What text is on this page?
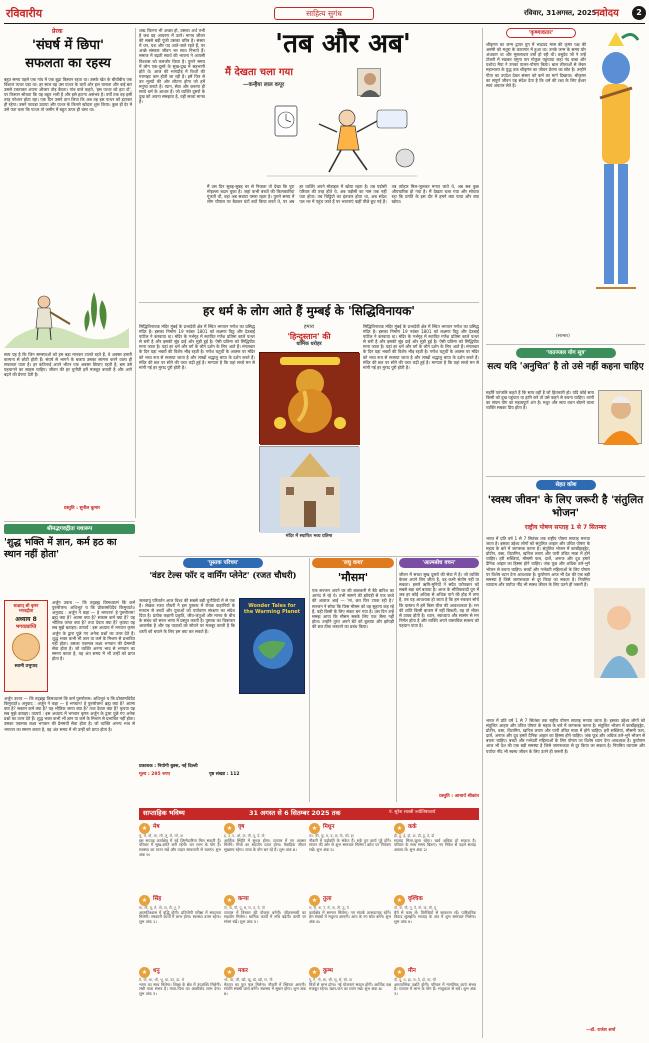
रविवारीय	साहित्य सुगंध	रविवार, 31अगस्त, 2025 .
नवोदय	2
प्रेरक
'संघर्ष में छिपा'
सफलता का रहस्य
बहुत समय पहले एक गांव में एक बूढ़ा किसान रहता था। उसके खेत के बीचोंबीच एक विशाल पत्थर पड़ा था। हर साल वह उस पत्थर के चारों ओर हल चलाता और कई बार उससे टकराकर अपना औजार तोड़ बैठता। गांव वाले कहते, 'इस पत्थर को हटा दो', पर किसान सोचता कि यह बहुत भारी है और इसे हटाना असंभव है। वर्षों तक वह इसी तरह परेशान होता रहा। एक दिन उसने ठान लिया कि अब वह इस पत्थर को हटाकर ही रहेगा। उसने फावड़ा उठाया और पत्थर के किनारे खोदना शुरू किया। कुछ ही देर में उसे पता चला कि पत्थर तो जमीन में बहुत ऊपर ही धंसा था।
सत्य यह है कि जिन समस्याओं को हम बड़ा मानकर टालते रहते हैं, वे अक्सर हमारी कल्पना से छोटी होती हैं। संघर्ष से भागने के बजाय उसका सामना करने वाला ही सफलता पाता है। हर कठिनाई अपने भीतर एक अवसर छिपाए रहती है, बस उसे पहचानने का साहस चाहिए। जीवन की हर चुनौती हमें मजबूत बनाती है और आगे बढ़ने की प्रेरणा देती है।
प्रस्तुति : सुनील कुमार
शब्द जितना भी अच्छा हो, उसका अर्थ तभी है जब वह आचरण में उतरे। मानव जीवन की सबसे बड़ी पूंजी उसका चरित्र है। संसार में धन, यश और पद आते-जाते रहते हैं, पर अच्छे संस्कार जीवन भर साथ निभाते हैं। समाज में बढ़ती स्वार्थ की भावना ने आपसी विश्वास को कमजोर किया है। पुराने समय में लोग एक-दूसरे के सुख-दुख में सहभागी होते थे। आज की भागदौड़ में रिश्तों की गरमाहट कम होती जा रही है। हमें फिर से उन मूल्यों की ओर लौटना होगा जो हमें मनुष्य बनाते हैं। त्याग, सेवा और करुणा ही सच्चे धर्म के आधार हैं। जो व्यक्ति दूसरों के दुख को अपना समझता है, वही सच्चा मानव है।
'तब और अब'
मैं देखता चला गया
—कन्हैया लाल कपूर
मैं उस दिन सुबह-सुबह घर से निकला तो देखा कि पूरा मोहल्ला बदल चुका है। जहां कभी बच्चों की किलकारियां गूंजती थीं, वहां अब सन्नाटा पसरा रहता है। पुराने समय में लोग चौपाल पर बैठकर घंटों बातें किया करते थे, पर अब हर व्यक्ति अपने मोबाइल में खोया रहता है। तब पड़ोसी परिवार की तरह होते थे, अब पड़ोसी का नाम तक नहीं पता होता। तब चिट्ठियों का इंतजार होता था, अब संदेश पल भर में पहुंच जाते हैं पर भावनाएं कहीं पीछे छूट गई हैं। तब त्योहार मिल-जुलकर मनाए जाते थे, अब सब कुछ औपचारिक हो गया है। मैं देखता चला गया और सोचता रहा कि प्रगति के इस दौर में हमने क्या पाया और क्या खोया।
हर धर्म के लोग आते हैं मुम्बई के 'सिद्धिविनायक'
हमारा
'हिन्दुस्तान' की
धार्मिक धरोहर
सिद्धिविनायक मंदिर मुंबई के प्रभादेवी क्षेत्र में स्थित भगवान गणेश का प्रसिद्ध मंदिर है। इसका निर्माण 19 नवंबर 1801 को लक्ष्मण विठु और देउबाई पाटिल ने करवाया था। मंदिर के गर्भगृह में स्थापित गणेश प्रतिमा काले पत्थर से बनी है और इसकी सूंड दाईं ओर मुड़ी हुई है। ऐसी प्रतिमा को सिद्धिपीठ माना जाता है। यहां हर धर्म और वर्ग के लोग दर्शन के लिए आते हैं। मंगलवार के दिन यहां भक्तों की विशेष भीड़ रहती है। गणेश चतुर्थी के अवसर पर मंदिर को भव्य रूप से सजाया जाता है और लाखों श्रद्धालु बप्पा के दर्शन करते हैं। मंदिर की छत पर सोने की परत चढ़ी हुई है। मान्यता है कि यहां सच्चे मन से मांगी गई हर मुराद पूरी होती है।
मंदिर में स्थापित भव्य प्रतिमा
सिद्धिविनायक मंदिर मुंबई के प्रभादेवी क्षेत्र में स्थित भगवान गणेश का प्रसिद्ध मंदिर है। इसका निर्माण 19 नवंबर 1801 को लक्ष्मण विठु और देउबाई पाटिल ने करवाया था। मंदिर के गर्भगृह में स्थापित गणेश प्रतिमा काले पत्थर से बनी है और इसकी सूंड दाईं ओर मुड़ी हुई है। ऐसी प्रतिमा को सिद्धिपीठ माना जाता है। यहां हर धर्म और वर्ग के लोग दर्शन के लिए आते हैं। मंगलवार के दिन यहां भक्तों की विशेष भीड़ रहती है। गणेश चतुर्थी के अवसर पर मंदिर को भव्य रूप से सजाया जाता है और लाखों श्रद्धालु बप्पा के दर्शन करते हैं। मंदिर की छत पर सोने की परत चढ़ी हुई है। मान्यता है कि यहां सच्चे मन से मांगी गई हर मुराद पूरी होती है।
श्रीमद्भगवद्गीता यथारूप
'शुद्ध भक्ति में ज्ञान, कर्म हठ का स्थान नहीं होता'
साक्षात् श्री कृष्ण भगवद्गीता
अध्याय 8
भगवत्प्राप्ति
स्वामी प्रभुपाद
अर्जुन उवाच — किं तद्ब्रह्म किमध्यात्मं किं कर्म पुरुषोत्तम। अधिभूतं च किं प्रोक्तमधिदैवं किमुच्यते॥ अनुवाद : अर्जुन ने कहा — हे भगवान! हे पुरुषोत्तम! ब्रह्म क्या है? आत्मा क्या है? सकाम कर्म क्या है? यह भौतिक जगत क्या है? तथा देवता क्या हैं? कृपया यह सब मुझे बताइए। तात्पर्य : इस अध्याय में भगवान कृष्ण अर्जुन के द्वारा पूछे गए अनेक प्रश्नों का उत्तर देते हैं। शुद्ध भक्त कभी भी ज्ञान या कर्म के मिश्रण से प्रभावित नहीं होता। उसका एकमात्र लक्ष्य भगवान की प्रेममयी सेवा होता है। जो व्यक्ति अनन्य भाव से भगवान का स्मरण करता है, वह अंत समय में भी उन्हीं को प्राप्त होता है।
अर्जुन उवाच — किं तद्ब्रह्म किमध्यात्मं किं कर्म पुरुषोत्तम। अधिभूतं च किं प्रोक्तमधिदैवं किमुच्यते॥ अनुवाद : अर्जुन ने कहा — हे भगवान! हे पुरुषोत्तम! ब्रह्म क्या है? आत्मा क्या है? सकाम कर्म क्या है? यह भौतिक जगत क्या है? तथा देवता क्या हैं? कृपया यह सब मुझे बताइए। तात्पर्य : इस अध्याय में भगवान कृष्ण अर्जुन के द्वारा पूछे गए अनेक प्रश्नों का उत्तर देते हैं। शुद्ध भक्त कभी भी ज्ञान या कर्म के मिश्रण से प्रभावित नहीं होता। उसका एकमात्र लक्ष्य भगवान की प्रेममयी सेवा होता है। जो व्यक्ति अनन्य भाव से भगवान का स्मरण करता है, वह अंत समय में भी उन्हीं को प्राप्त होता है।
'पुस्तक परिचय'
'वंडर टेल्स फॉर द वार्मिंग प्लेनेट' (रजत चौधरी)
जलवायु परिवर्तन आज विश्व की सबसे बड़ी चुनौतियों में से एक है। लेखक रजत चौधरी ने इस पुस्तक में रोचक कहानियों के माध्यम से बच्चों और युवाओं को पर्यावरण संरक्षण का संदेश दिया है। प्रत्येक कहानी प्रकृति, जीव-जंतुओं और मानव के बीच के संबंध को सरल भाषा में प्रस्तुत करती है। पुस्तक का चित्रांकन आकर्षक है और यह पाठकों को सोचने पर मजबूर करती है कि धरती को बचाने के लिए हम क्या कर सकते हैं।
Wonder Tales for the Warming Planet
प्रकाशक : नियोगी बुक्स, नई दिल्ली
मूल्य : 295 रुपए	पृष्ठ संख्या : 112
'लघु कथा'
'मौसम'
एक सज्जन अपने घर की बालकनी में बैठे बारिश का आनंद ले रहे थे। तभी सामने की झोपड़ी से एक बच्चे की आवाज आई — 'मां, छत फिर टपक रही है।' सज्जन ने सोचा कि जिस मौसम को वह सुहाना कह रहे हैं, वही किसी के लिए संकट बन गया है। उस दिन उन्हें समझ आया कि मौसम सबके लिए एक जैसा नहीं होता। उन्होंने तुरंत अपने बेटे को बुलाया और झोपड़ी की छत ठीक करवाने का प्रबंध किया।
'आत्मबोध वचन'
जीवन में सच्चा सुख दूसरों की सेवा में है। जो व्यक्ति केवल अपने लिए जीता है, वह कभी संतोष नहीं पा सकता। हमारे ऋषि-मुनियों ने सदैव परोपकार को सबसे बड़ा धर्म बताया है। आज के भौतिकवादी युग में जब हर कोई अधिक से अधिक पाने की होड़ में लगा है, तब यह आवश्यक हो जाता है कि हम रुककर सोचें कि वास्तव में हमें किस चीज की आवश्यकता है। मन की शांति किसी बाजार में नहीं बिकती, वह तो भीतर से उत्पन्न होती है। ध्यान, स्वाध्याय और सत्संग से मन निर्मल होता है और व्यक्ति अपने वास्तविक स्वरूप को पहचान पाता है।
प्रस्तुति : आचार्य श्रीकांत
'कृष्णावतार'
श्रीकृष्ण का जन्म द्वापर युग में भाद्रपद मास की कृष्ण पक्ष की अष्टमी को मथुरा के कारागार में हुआ था। उनके जन्म के समय घोर अंधकार था और मूसलाधार वर्षा हो रही थी। वसुदेव जी ने उन्हें टोकरी में रखकर यमुना पार गोकुल पहुंचाया जहां नंद बाबा और यशोदा मैया ने उनका पालन-पोषण किया। बाल लीलाओं से लेकर महाभारत के युद्ध तक श्रीकृष्ण का जीवन प्रेरणा का स्रोत है। उन्होंने गीता का उपदेश देकर संसार को कर्म का मार्ग दिखाया। श्रीकृष्ण का संपूर्ण जीवन यह संदेश देता है कि धर्म की रक्षा के लिए ईश्वर स्वयं अवतार लेते हैं।
(साभार)
'पातञ्जल योग सूत्र'
सत्य यदि 'अनुचित' है तो उसे नहीं कहना चाहिए
महर्षि पतंजलि कहते हैं कि सत्य वही है जो हितकारी हो। यदि कोई सत्य किसी को दुख पहुंचाए या हानि करे तो उसे कहने से बचना चाहिए। वाणी का संयम योग का महत्वपूर्ण अंग है। मधुर और सत्य वचन बोलने वाला व्यक्ति सबका प्रिय होता है।
सेहत कोश
'स्वस्थ जीवन' के लिए जरूरी है 'संतुलित भोजन'
राष्ट्रीय पोषण सप्ताह 1 से 7 सितम्बर
भारत में प्रति वर्ष 1 से 7 सितंबर तक राष्ट्रीय पोषण सप्ताह मनाया जाता है। इसका उद्देश्य लोगों को संतुलित आहार और उचित पोषण के महत्व के बारे में जागरूक करना है। संतुलित भोजन में कार्बोहाइड्रेट, प्रोटीन, वसा, विटामिन, खनिज लवण और पानी उचित मात्रा में होने चाहिए। हरी सब्जियां, मौसमी फल, दालें, अनाज और दूध हमारे दैनिक आहार का हिस्सा होने चाहिए। जंक फूड और अधिक तले-भुने भोजन से बचना चाहिए। बच्चों और गर्भवती महिलाओं के लिए पोषण पर विशेष ध्यान देना आवश्यक है। कुपोषण आज भी देश की एक बड़ी समस्या है जिसे जागरूकता से दूर किया जा सकता है। नियमित व्यायाम और पर्याप्त नींद भी स्वस्थ जीवन के लिए उतने ही जरूरी हैं।
भारत में प्रति वर्ष 1 से 7 सितंबर तक राष्ट्रीय पोषण सप्ताह मनाया जाता है। इसका उद्देश्य लोगों को संतुलित आहार और उचित पोषण के महत्व के बारे में जागरूक करना है। संतुलित भोजन में कार्बोहाइड्रेट, प्रोटीन, वसा, विटामिन, खनिज लवण और पानी उचित मात्रा में होने चाहिए। हरी सब्जियां, मौसमी फल, दालें, अनाज और दूध हमारे दैनिक आहार का हिस्सा होने चाहिए। जंक फूड और अधिक तले-भुने भोजन से बचना चाहिए। बच्चों और गर्भवती महिलाओं के लिए पोषण पर विशेष ध्यान देना आवश्यक है। कुपोषण आज भी देश की एक बड़ी समस्या है जिसे जागरूकता से दूर किया जा सकता है। नियमित व्यायाम और पर्याप्त नींद भी स्वस्थ जीवन के लिए उतने ही जरूरी हैं।
—डॉ. राजेश शर्मा
साप्ताहिक भविष्य	31 अगस्त से 6 सितम्बर 2025 तक	पं. सुरेश शास्त्री ज्योतिषाचार्य
★	मेष
चु, चे, चो, ला, ली, लू, ले, लो, अ
इस सप्ताह कार्यक्षेत्र में नई जिम्मेदारियां मिल सकती हैं। परिवार में सुख-शांति बनी रहेगी। धन लाभ के योग हैं। स्वास्थ्य का ध्यान रखें और वाहन सावधानी से चलाएं। शुभ अंक 9।
★	वृष
इ, उ, ए, ओ, वा, वी, वू, वे, वो
आर्थिक स्थिति में सुधार होगा। व्यापार में नए अवसर मिलेंगे। मित्रों का सहयोग प्राप्त होगा। वैवाहिक जीवन सुखमय रहेगा। यात्रा के योग बन रहे हैं। शुभ अंक 6।
★	मिथुन
का, की, कू, घ, ङ, छ, के, को, हा
नौकरी में पदोन्नति के संकेत हैं। रुके हुए कार्य पूरे होंगे। संतान की ओर से शुभ समाचार मिलेगा। क्रोध पर नियंत्रण रखें। शुभ अंक 5।
★	कर्क
ही, हू, हे, हो, डा, डी, डू, डे, डो
सप्ताह मिला-जुला रहेगा। खर्च अधिक हो सकता है। परिवार के साथ समय बिताएं। नए निवेश से पहले सलाह अवश्य लें। शुभ अंक 2।
★	सिंह
मा, मी, मू, मे, मो, टा, टी, टू, टे
आत्मविश्वास में वृद्धि होगी। प्रतियोगी परीक्षा में सफलता मिलेगी। सरकारी कार्यों में लाभ होगा। स्वास्थ्य उत्तम रहेगा। शुभ अंक 1।
★	कन्या
टो, पा, पी, पू, ष, ण, ठ, पे, पो
व्यापार में विस्तार की योजना बनेगी। जीवनसाथी का सहयोग मिलेगा। धार्मिक कार्यों में रुचि बढ़ेगी। वाणी पर संयम रखें। शुभ अंक 5।
★	तुला
रा, री, रू, रे, रो, ता, ती, तू, ते
कार्यक्षेत्र में सम्मान मिलेगा। नए संपर्क लाभदायक रहेंगे। प्रेम संबंधों में मधुरता आएगी। आय के नए स्रोत बनेंगे। शुभ अंक 6।
★	वृश्चिक
तो, ना, नी, नू, ने, नो, या, यी, यू
धैर्य से काम लें। विरोधियों से सावधान रहें। पारिवारिक विवाद सुलझेंगे। सप्ताह के अंत में शुभ समाचार मिलेगा। शुभ अंक 9।
★	धनु
ये, यो, भा, भी, भू, धा, फा, ढा, भे
भाग्य का साथ मिलेगा। शिक्षा के क्षेत्र में उपलब्धि मिलेगी। लंबी यात्रा संभव है। माता-पिता का आशीर्वाद लाभ देगा। शुभ अंक 3।
★	मकर
भो, जा, जी, खी, खू, खे, खो, गा, गी
मेहनत का पूरा फल मिलेगा। नौकरी में स्थिरता आएगी। संपत्ति संबंधी कार्य बनेंगे। स्वास्थ्य में सुधार होगा। शुभ अंक 8।
★	कुम्भ
गू, गे, गो, सा, सी, सू, से, सो, दा
मित्रों से लाभ होगा। नई योजनाएं सफल होंगी। आर्थिक पक्ष मजबूत रहेगा। खान-पान का ध्यान रखें। शुभ अंक 8।
★	मीन
दी, दू, थ, झ, ञ, दे, दो, चा, ची
आध्यात्मिक उन्नति होगी। परिवार में मांगलिक कार्य संभव है। व्यापार में लाभ के योग हैं। भावुकता से बचें। शुभ अंक 3।
